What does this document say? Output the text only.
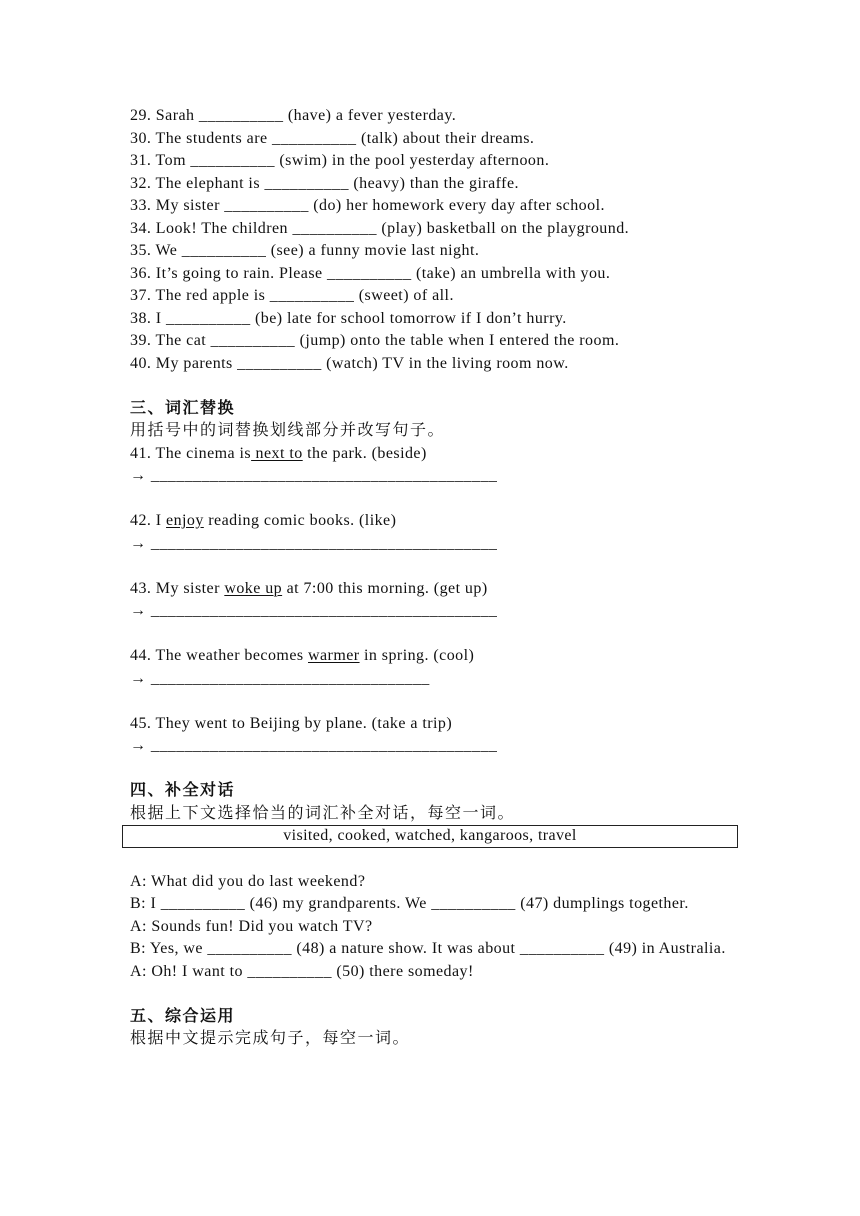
29. Sarah __________ (have) a fever yesterday.
30. The students are __________ (talk) about their dreams.
31. Tom __________ (swim) in the pool yesterday afternoon.
32. The elephant is __________ (heavy) than the giraffe.
33. My sister __________ (do) her homework every day after school.
34. Look! The children __________ (play) basketball on the playground.
35. We __________ (see) a funny movie last night.
36. It’s going to rain. Please __________ (take) an umbrella with you.
37. The red apple is __________ (sweet) of all.
38. I __________ (be) late for school tomorrow if I don’t hurry.
39. The cat __________ (jump) onto the table when I entered the room.
40. My parents __________ (watch) TV in the living room now.
三、词汇替换
用括号中的词替换划线部分并改写句子。
41. The cinema is next to the park. (beside)
→ _________________________________________
42. I enjoy reading comic books. (like)
→ _________________________________________
43. My sister woke up at 7:00 this morning. (get up)
→ _________________________________________
44. The weather becomes warmer in spring. (cool)
→ _________________________________
45. They went to Beijing by plane. (take a trip)
→ _________________________________________
四、补全对话
根据上下文选择恰当的词汇补全对话，每空一词。
visited, cooked, watched, kangaroos, travel
A: What did you do last weekend?
B: I __________ (46) my grandparents. We __________ (47) dumplings together.
A: Sounds fun! Did you watch TV?
B: Yes, we __________ (48) a nature show. It was about __________ (49) in Australia.
A: Oh! I want to __________ (50) there someday!
五、综合运用
根据中文提示完成句子，每空一词。
